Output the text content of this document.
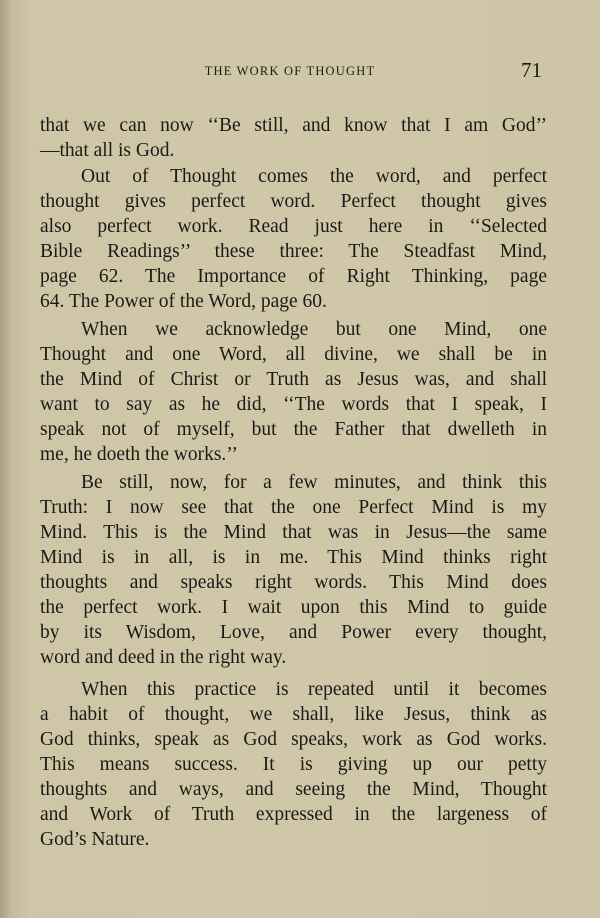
THE WORK OF THOUGHT	71
that we can now ‘‘Be still, and know that I am God’’
—that all is God.
Out of Thought comes the word, and perfect
thought gives perfect word. Perfect thought gives
also perfect work. Read just here in ‘‘Selected
Bible Readings’’ these three: The Steadfast Mind,
page 62. The Importance of Right Thinking, page
64. The Power of the Word, page 60.
When we acknowledge but one Mind, one
Thought and one Word, all divine, we shall be in
the Mind of Christ or Truth as Jesus was, and shall
want to say as he did, ‘‘The words that I speak, I
speak not of myself, but the Father that dwelleth in
me, he doeth the works.’’
Be still, now, for a few minutes, and think this
Truth: I now see that the one Perfect Mind is my
Mind. This is the Mind that was in Jesus—the same
Mind is in all, is in me. This Mind thinks right
thoughts and speaks right words. This Mind does
the perfect work. I wait upon this Mind to guide
by its Wisdom, Love, and Power every thought,
word and deed in the right way.
When this practice is repeated until it becomes
a habit of thought, we shall, like Jesus, think as
God thinks, speak as God speaks, work as God works.
This means success. It is giving up our petty
thoughts and ways, and seeing the Mind, Thought
and Work of Truth expressed in the largeness of
God’s Nature.
